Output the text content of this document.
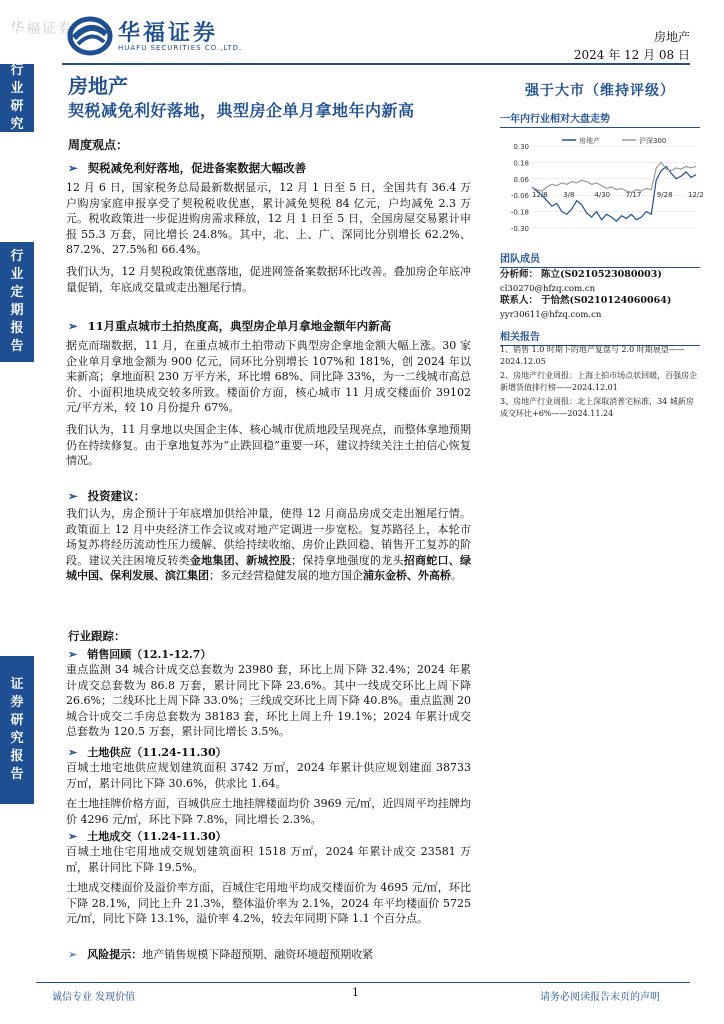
华福证券 华福证券
HUAFU SECURITIES CO.,LTD.
房地产
2024 年 12 月 08 日
行业研究
行业定期报告
证券研究报告
房地产
契税减免利好落地，典型房企单月拿地年内新高
周度观点：
➢ 契税减免利好落地，促进备案数据大幅改善
12 月 6 日，国家税务总局最新数据显示，12 月 1 日至 5 日，全国共有 36.4 万户购房家庭申报享受了契税税收优惠，累计减免契税 84 亿元，户均减免 2.3 万元。税收政策进一步促进购房需求释放，12 月 1 日至 5 日，全国房屋交易累计申报 55.3 万套，同比增长 24.8%。其中，北、上、广、深同比分别增长 62.2%、87.2%、27.5%和 66.4%。
我们认为，12 月契税政策优惠落地，促进网签备案数据环比改善。叠加房企年底冲量促销，年底成交量或走出翘尾行情。
➢ 11月重点城市土拍热度高，典型房企单月拿地金额年内新高
据克而瑞数据，11 月，在重点城市土拍带动下典型房企拿地金额大幅上涨。30 家企业单月拿地金额为 900 亿元，同环比分别增长 107%和 181%，创 2024 年以来新高；拿地面积 230 万平方米，环比增 68%、同比降 33%，为一二线城市高总价、小面积地块成交较多所致。楼面价方面，核心城市 11 月成交楼面价 39102 元/平方米，较 10 月份提升 67%。
我们认为，11 月拿地以央国企主体、核心城市优质地段呈现亮点，而整体拿地预期仍在持续修复。由于拿地复苏为“止跌回稳”重要一环，建议持续关注土拍信心恢复情况。
➢ 投资建议：
我们认为，房企预计于年底增加供给冲量，使得 12 月商品房成交走出翘尾行情。政策面上 12 月中央经济工作会议或对地产定调进一步宽松。复苏路径上，本轮市场复苏将经历流动性压力缓解、供给持续收缩、房价止跌回稳、销售开工复苏的阶段。建议关注困境反转类金地集团、新城控股；保持拿地强度的龙头招商蛇口、绿城中国、保利发展、滨江集团；多元经营稳健发展的地方国企浦东金桥、外高桥。
行业跟踪：
➢ 销售回顾（12.1-12.7）
重点监测 34 城合计成交总套数为 23980 套，环比上周下降 32.4%；2024 年累计成交总套数为 86.8 万套，累计同比下降 23.6%。其中一线成交环比上周下降 26.6%；二线环比上周下降 33.0%；三线成交环比上周下降 40.8%。重点监测 20 城合计成交二手房总套数为 38183 套，环比上周上升 19.1%；2024 年累计成交总套数为 120.5 万套，累计同比增长 3.5%。
➢ 土地供应（11.24-11.30）
百城土地宅地供应规划建筑面积 3742 万㎡，2024 年累计供应规划建面 38733 万㎡，累计同比下降 30.6%，供求比 1.64。
在土地挂牌价格方面，百城供应土地挂牌楼面均价 3969 元/㎡，近四周平均挂牌均价 4296 元/㎡，环比下降 7.8%，同比增长 2.3%。
➢ 土地成交（11.24-11.30）
百城土地住宅用地成交规划建筑面积 1518 万㎡，2024 年累计成交 23581 万㎡，累计同比下降 19.5%。
土地成交楼面价及溢价率方面，百城住宅用地平均成交楼面价为 4695 元/㎡，环比下降 28.1%，同比上升 21.3%，整体溢价率为 2.1%，2024 年平均楼面价 5725 元/㎡，同比下降 13.1%，溢价率 4.2%，较去年同期下降 1.1 个百分点。
➢ 风险提示：地产销售规模下降超预期、融资环境超预期收紧
强于大市（维持评级）
一年内行业相对大盘走势
0.30
0.18
0.06
-0.06
-0.18
-0.30
12/8 3/8	4/30 7/17 9/28 12/2
房地产	沪深300
团队成员
分析师： 陈立(S0210523080003)
cl30270@hfzq.com.cn
联系人： 于恰然(S0210124060064)
yyr30611@hfzq.com.cn
相关报告
1、销售 1.0 时期下的地产复盘与 2.0 时期展望——2024.12.05
2、房地产行业周报：上海土拍市场点状回暖，百强房企新增货值排行榜——2024.12.01
3、房地产行业周报：北上深取消普宅标准，34 城新房成交环比+6%——2024.11.24
诚信专业 发现价值	1	请务必阅读报告末页的声明
